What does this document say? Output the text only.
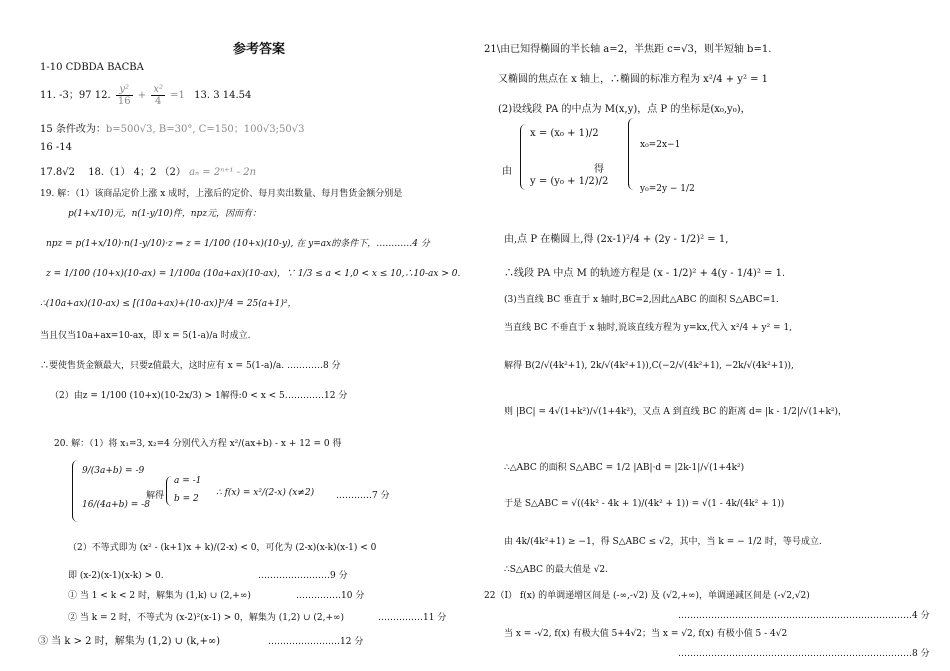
参考答案
1-10 CDBDA BACBA
11. -3；97 12. $\frac{\text{y²}}{16} + \frac{\text{x²}}{4} =1$ 13. 3 14.54
15 条件改为：b=500√3, B=30°, C=150；100√3;50√3
16 -14
17.8√2 18.（1） 4；2 （2） aₙ = 2ⁿ⁺¹ - 2n
19. 解：（1）该商品定价上涨 x 成时，上涨后的定价、每月卖出数量、每月售货金额分别是
p(1+x/10)元，n(1-y/10)件，npz元，因而有：
npz = p(1+x/10)·n(1-y/10)·z ⇒ z = 1/100 (10+x)(10-y), 在 y=ax的条件下，…………4 分
z = 1/100 (10+x)(10-ax) = 1/100a (10a+ax)(10-ax)，∵ 1/3 ≤ a < 1,0 < x ≤ 10,∴10-ax > 0.
∴(10a+ax)(10-ax) ≤ [(10a+ax)+(10-ax)]²/4 = 25(a+1)²，
当且仅当10a+ax=10-ax，即 x = 5(1-a)/a 时成立.
∴要使售货金额最大，只要z值最大，这时应有 x = 5(1-a)/a. …………8 分
（2）由z = 1/100 (10+x)(10-2x/3) > 1解得:0 < x < 5. …………12 分
20. 解：（1）将 x₁=3, x₂=4 分别代入方程 x²/(ax+b) - x + 12 = 0 得
9/(3a+b) = -9
16/(4a+b) = -8
解得
a = -1
b = 2
∴ f(x) = x²/(2-x) (x≠2) …………7 分
（2）不等式即为 (x² - (k+1)x + k)/(2-x) < 0，可化为 (2-x)(x-k)(x-1) < 0
即 (x-2)(x-1)(x-k) > 0.	……………………9 分
① 当 1 < k < 2 时，解集为 (1,k) ∪ (2,+∞)	……………10 分
② 当 k = 2 时，不等式为 (x-2)²(x-1) > 0，解集为 (1,2) ∪ (2,+∞)	……………11 分
③ 当 k > 2 时，解集为 (1,2) ∪ (k,+∞)	……………………12 分
21\由已知得椭圆的半长轴 a=2，半焦距 c=√3，则半短轴 b=1.
又椭圆的焦点在 x 轴上，∴椭圆的标准方程为 x²/4 + y² = 1
(2)设线段 PA 的中点为 M(x,y)，点 P 的坐标是(x₀,y₀)，
由
x = (x₀ + 1)/2
y = (y₀ + 1/2)/2
得
x₀=2x−1
y₀=2y − 1/2
由,点 P 在椭圆上,得 (2x-1)²/4 + (2y - 1/2)² = 1,
∴线段 PA 中点 M 的轨迹方程是 (x - 1/2)² + 4(y - 1/4)² = 1.
(3)当直线 BC 垂直于 x 轴时,BC=2,因此△ABC 的面积 S△ABC=1.
当直线 BC 不垂直于 x 轴时,说该直线方程为 y=kx,代入 x²/4 + y² = 1,
解得 B(2/√(4k²+1), 2k/√(4k²+1)),C(−2/√(4k²+1), −2k/√(4k²+1)),
则 |BC| = 4√(1+k²)/√(1+4k²)，又点 A 到直线 BC 的距离 d= |k - 1/2|/√(1+k²)，
∴△ABC 的面积 S△ABC = 1/2 |AB|·d = |2k-1|/√(1+4k²)
于是 S△ABC = √((4k² - 4k + 1)/(4k² + 1)) = √(1 - 4k/(4k² + 1))
由 4k/(4k²+1) ≥ −1，得 S△ABC ≤ √2，其中，当 k = − 1/2 时，等号成立.
∴S△ABC 的最大值是 √2.
22（Ⅰ） f(x) 的单调递增区间是 (-∞,-√2) 及 (√2,+∞)，单调递减区间是 (-√2,√2)
……………………………………………………………………4 分
当 x = -√2, f(x) 有极大值 5+4√2；当 x = √2, f(x) 有极小值 5 - 4√2
……………………………………………………………………8 分
